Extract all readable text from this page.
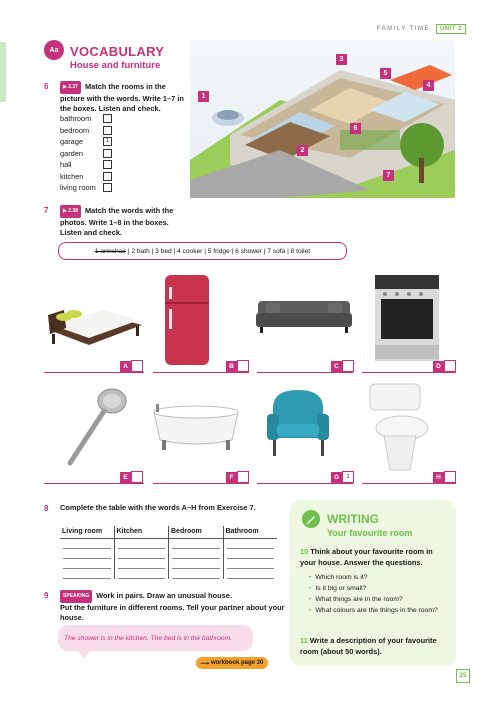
FAMILY TIME	UNIT 2
Aa VOCABULARY
House and furniture
6	▶ 2.37 Match the rooms in the picture with the words. Write 1–7 in the boxes. Listen and check.
bathroom
bedroom
garage	1
garden
hall
kitchen
living room
1
2
3
4
5
6
7
7	▶ 2.38 Match the words with the photos. Write 1–8 in the boxes. Listen and check.
1 armchair | 2 bath | 3 bed | 4 cooker | 5 fridge | 6 shower | 7 sofa | 8 toilet
A	B	C	D
E	F	G	1	H
8 Complete the table with the words A–H from Exercise 7.
Living room	Kitchen	Bedroom	Bathroom
9	SPEAKING Work in pairs. Draw an unusual house.
Put the furniture in different rooms. Tell your partner about your house.
The shower is in the kitchen. The bed is in the bathroom.
⟶ workbook page 30
WRITING
Your favourite room
10 Think about your favourite room in your house. Answer the questions.
• Which room is it?
• Is it big or small?
• What things are in the room?
• What colours are the things in the room?
11 Write a description of your favourite room (about 50 words).
25
